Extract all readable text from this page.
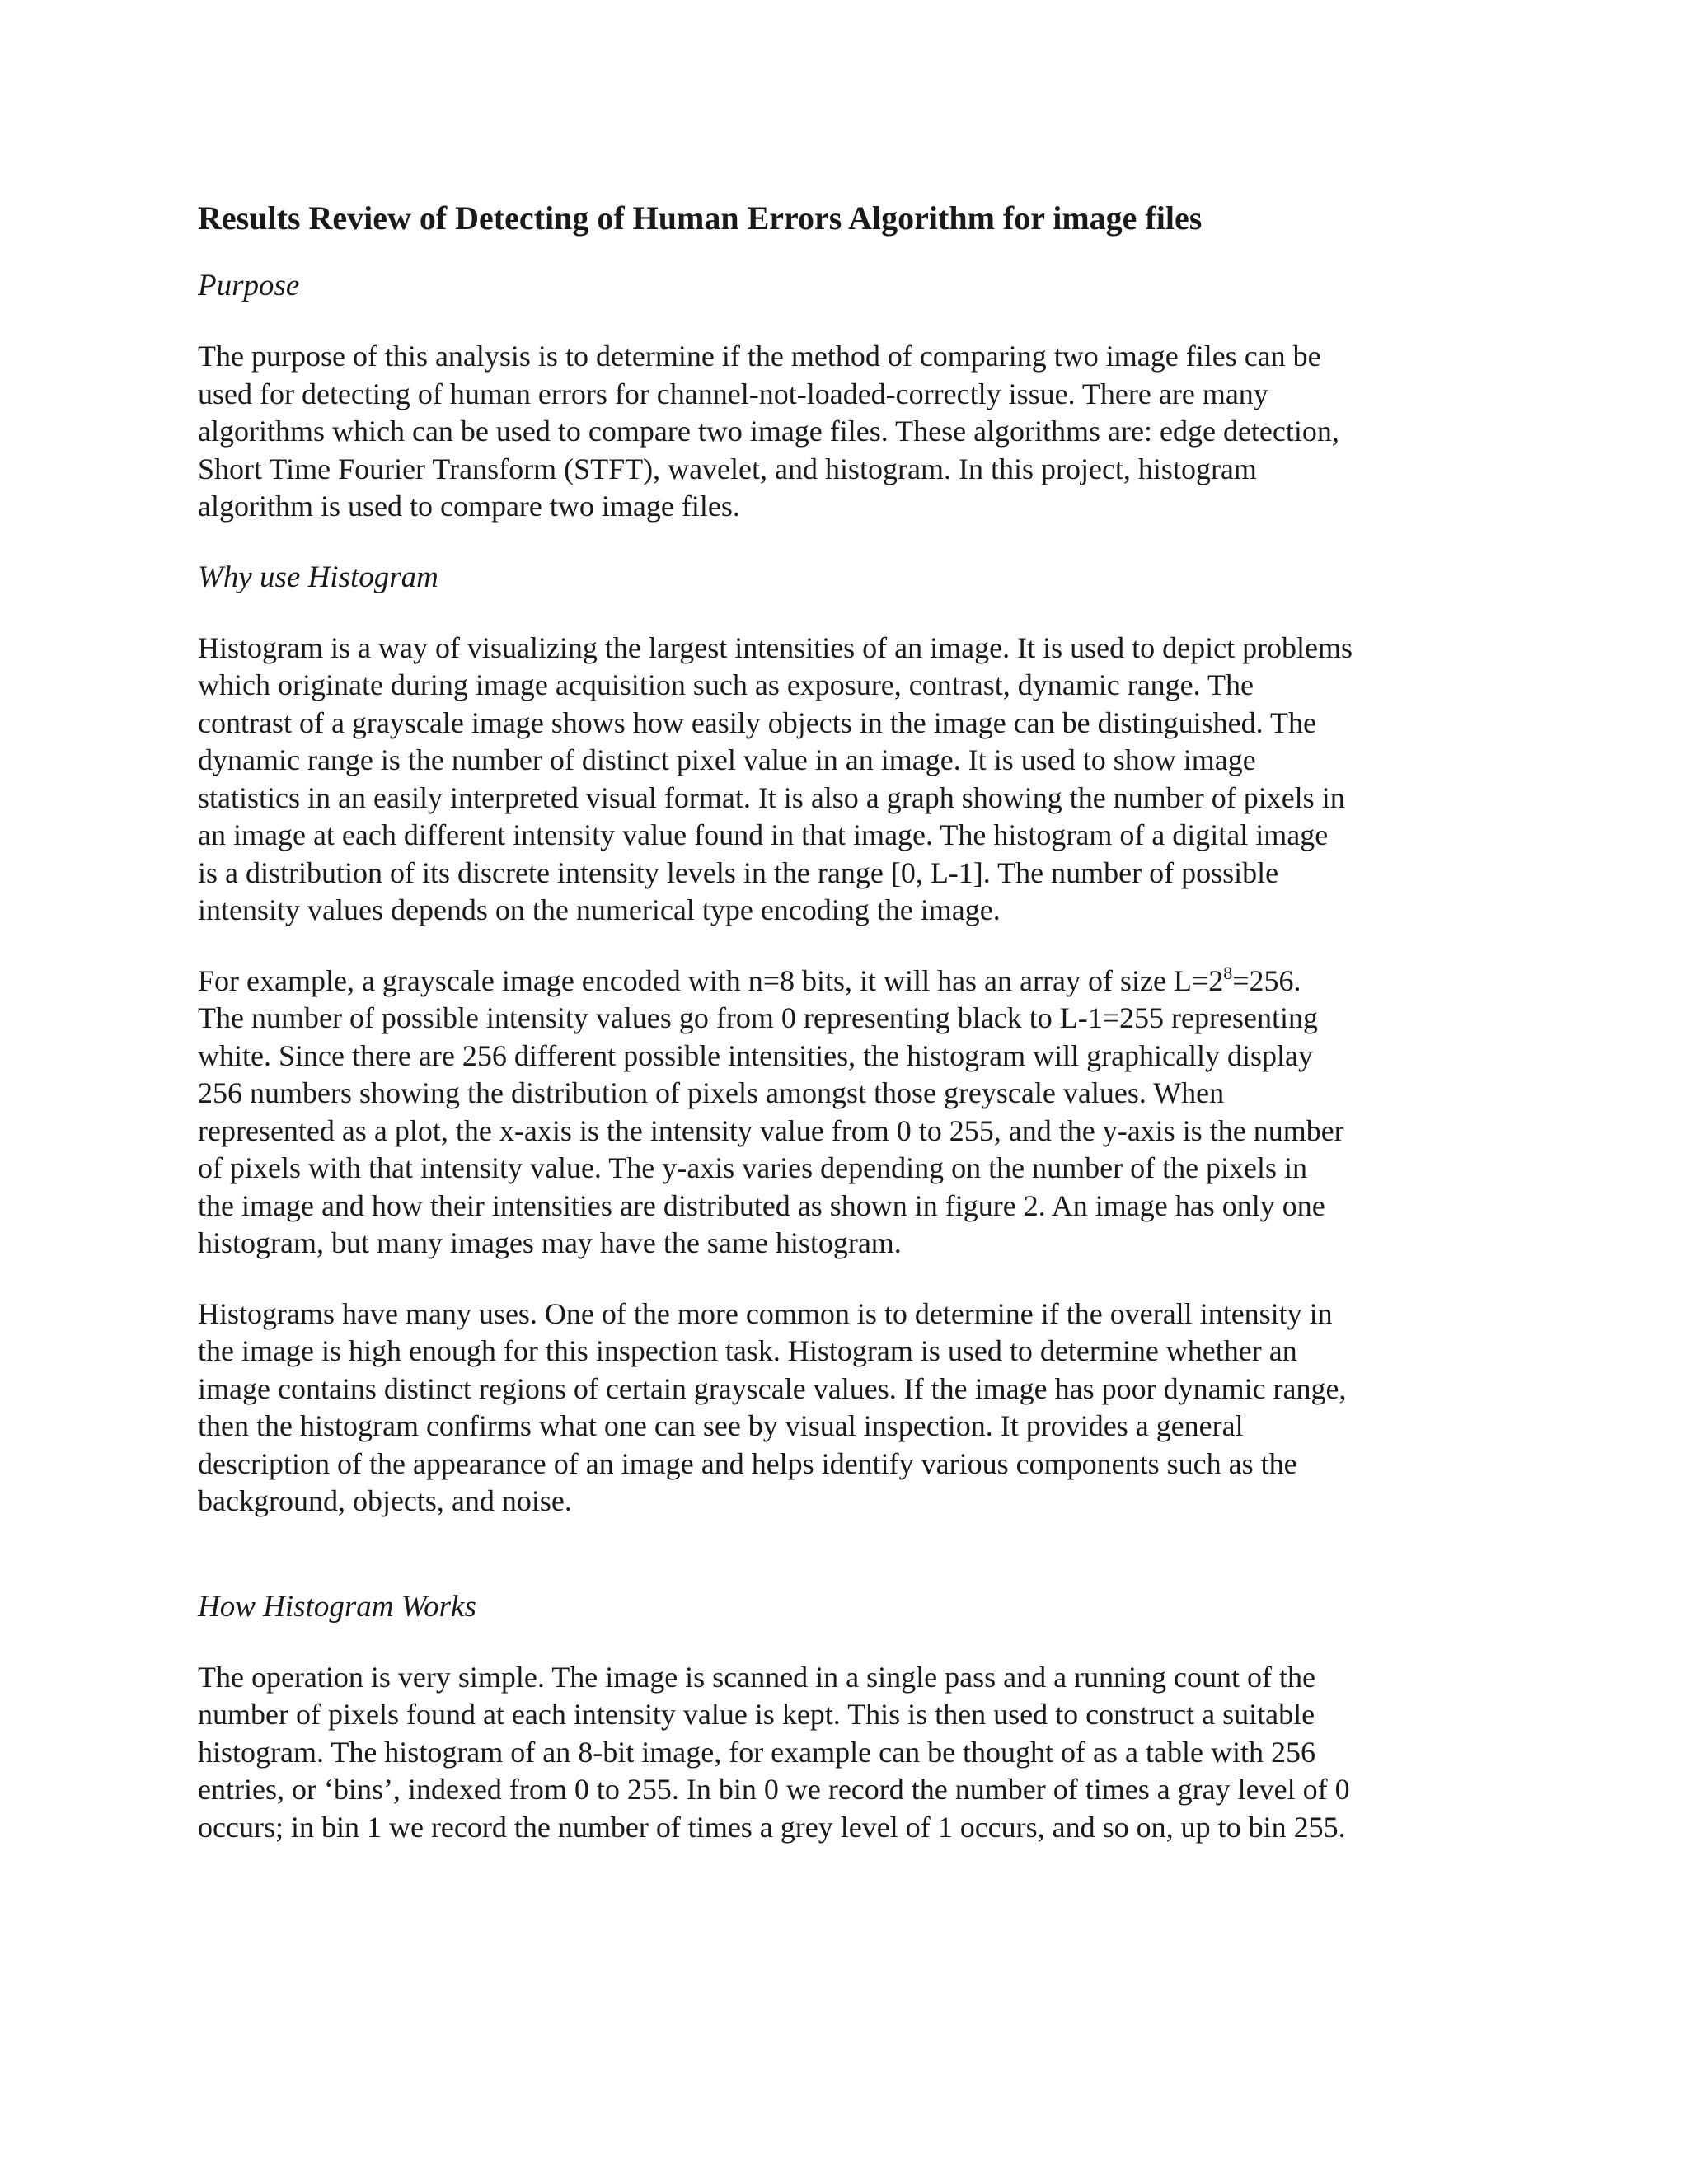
Results Review of Detecting of Human Errors Algorithm for image files
Purpose

The purpose of this analysis is to determine if the method of comparing two image files can be
used for detecting of human errors for channel-not-loaded-correctly issue. There are many
algorithms which can be used to compare two image files. These algorithms are: edge detection,
Short Time Fourier Transform (STFT), wavelet, and histogram. In this project, histogram
algorithm is used to compare two image files.

Why use Histogram

Histogram is a way of visualizing the largest intensities of an image. It is used to depict problems
which originate during image acquisition such as exposure, contrast, dynamic range. The
contrast of a grayscale image shows how easily objects in the image can be distinguished. The
dynamic range is the number of distinct pixel value in an image. It is used to show image
statistics in an easily interpreted visual format. It is also a graph showing the number of pixels in
an image at each different intensity value found in that image. The histogram of a digital image
is a distribution of its discrete intensity levels in the range [0, L-1]. The number of possible
intensity values depends on the numerical type encoding the image.

For example, a grayscale image encoded with n=8 bits, it will has an array of size $L=2^8=256$.
The number of possible intensity values go from 0 representing black to L-1=255 representing
white. Since there are 256 different possible intensities, the histogram will graphically display
256 numbers showing the distribution of pixels amongst those greyscale values. When
represented as a plot, the x-axis is the intensity value from 0 to 255, and the y-axis is the number
of pixels with that intensity value. The y-axis varies depending on the number of the pixels in
the image and how their intensities are distributed as shown in figure 2. An image has only one
histogram, but many images may have the same histogram.

Histograms have many uses. One of the more common is to determine if the overall intensity in
the image is high enough for this inspection task. Histogram is used to determine whether an
image contains distinct regions of certain grayscale values. If the image has poor dynamic range,
then the histogram confirms what one can see by visual inspection. It provides a general
description of the appearance of an image and helps identify various components such as the
background, objects, and noise.

How Histogram Works

The operation is very simple. The image is scanned in a single pass and a running count of the
number of pixels found at each intensity value is kept. This is then used to construct a suitable
histogram. The histogram of an 8-bit image, for example can be thought of as a table with 256
entries, or ‘bins’, indexed from 0 to 255. In bin 0 we record the number of times a gray level of 0
occurs; in bin 1 we record the number of times a grey level of 1 occurs, and so on, up to bin 255.
